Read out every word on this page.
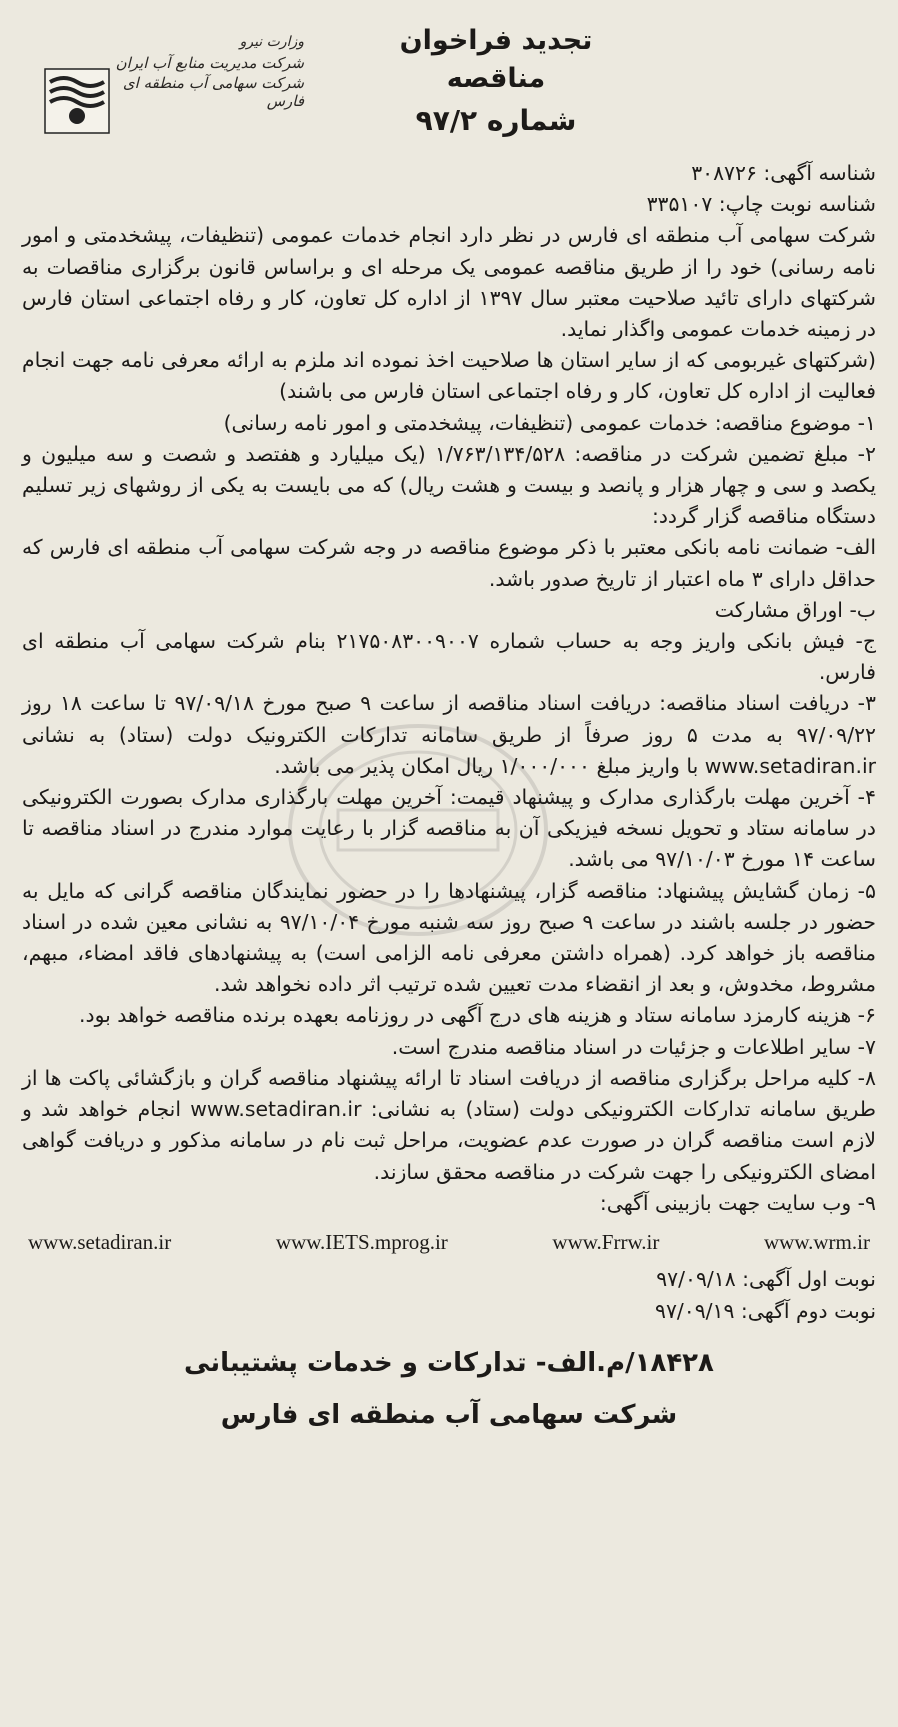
تجدید فراخوان مناقصه

شماره ۹۷/۲

وزارت نیرو

شرکت مدیریت منابع آب ایران

شرکت سهامی آب منطقه ای فارس

شناسه آگهی: ۳۰۸۷۲۶

شناسه نوبت چاپ: ۳۳۵۱۰۷

شرکت سهامی آب منطقه ای فارس در نظر دارد انجام خدمات عمومی (تنظیفات، پیشخدمتی و امور نامه رسانی) خود را از طریق مناقصه عمومی یک مرحله ای و براساس قانون برگزاری مناقصات به شرکتهای دارای تائید صلاحیت معتبر سال ۱۳۹۷ از اداره کل تعاون، کار و رفاه اجتماعی استان فارس در زمینه خدمات عمومی واگذار نماید.

(شرکتهای غیربومی که از سایر استان ها صلاحیت اخذ نموده اند ملزم به ارائه معرفی نامه جهت انجام فعالیت از اداره کل تعاون، کار و رفاه اجتماعی استان فارس می باشند)

۱- موضوع مناقصه: خدمات عمومی (تنظیفات، پیشخدمتی و امور نامه رسانی)

۲- مبلغ تضمین شرکت در مناقصه: ۱/۷۶۳/۱۳۴/۵۲۸ (یک میلیارد و هفتصد و شصت و سه میلیون و یکصد و سی و چهار هزار و پانصد و بیست و هشت ریال) که می بایست به یکی از روشهای زیر تسلیم دستگاه مناقصه گزار گردد:

الف- ضمانت نامه بانکی معتبر با ذکر موضوع مناقصه در وجه شرکت سهامی آب منطقه ای فارس که حداقل دارای ۳ ماه اعتبار از تاریخ صدور باشد.

ب- اوراق مشارکت

ج- فیش بانکی واریز وجه به حساب شماره ۲۱۷۵۰۸۳۰۰۹۰۰۷ بنام شرکت سهامی آب منطقه ای فارس.

۳- دریافت اسناد مناقصه: دریافت اسناد مناقصه از ساعت ۹ صبح مورخ ۹۷/۰۹/۱۸ تا ساعت ۱۸ روز ۹۷/۰۹/۲۲ به مدت ۵ روز صرفاً از طریق سامانه تدارکات الکترونیک دولت (ستاد) به نشانی www.setadiran.ir با واریز مبلغ ۱/۰۰۰/۰۰۰ ریال امکان پذیر می باشد.

۴- آخرین مهلت بارگذاری مدارک و پیشنهاد قیمت: آخرین مهلت بارگذاری مدارک بصورت الکترونیکی در سامانه ستاد و تحویل نسخه فیزیکی آن به مناقصه گزار با رعایت موارد مندرج در اسناد مناقصه تا ساعت ۱۴ مورخ ۹۷/۱۰/۰۳ می باشد.

۵- زمان گشایش پیشنهاد: مناقصه گزار، پیشنهادها را در حضور نمایندگان مناقصه گرانی که مایل به حضور در جلسه باشند در ساعت ۹ صبح روز سه شنبه مورخ ۹۷/۱۰/۰۴ به نشانی معین شده در اسناد مناقصه باز خواهد کرد. (همراه داشتن معرفی نامه الزامی است) به پیشنهادهای فاقد امضاء، مبهم، مشروط، مخدوش، و بعد از انقضاء مدت تعیین شده ترتیب اثر داده نخواهد شد.

۶- هزینه کارمزد سامانه ستاد و هزینه های درج آگهی در روزنامه بعهده برنده مناقصه خواهد بود.

۷- سایر اطلاعات و جزئیات در اسناد مناقصه مندرج است.

۸- کلیه مراحل برگزاری مناقصه از دریافت اسناد تا ارائه پیشنهاد مناقصه گران و بازگشائی پاکت ها از طریق سامانه تدارکات الکترونیکی دولت (ستاد) به نشانی: www.setadiran.ir انجام خواهد شد و لازم است مناقصه گران در صورت عدم عضویت، مراحل ثبت نام در سامانه مذکور و دریافت گواهی امضای الکترونیکی را جهت شرکت در مناقصه محقق سازند.

۹- وب سایت جهت بازبینی آگهی:

www.setadiran.ir	www.IETS.mprog.ir	www.Frrw.ir	www.wrm.ir

نوبت اول آگهی: ۹۷/۰۹/۱۸

نوبت دوم آگهی: ۹۷/۰۹/۱۹

۱۸۴۲۸/م.الف- تدارکات و خدمات پشتیبانی

شرکت سهامی آب منطقه ای فارس
